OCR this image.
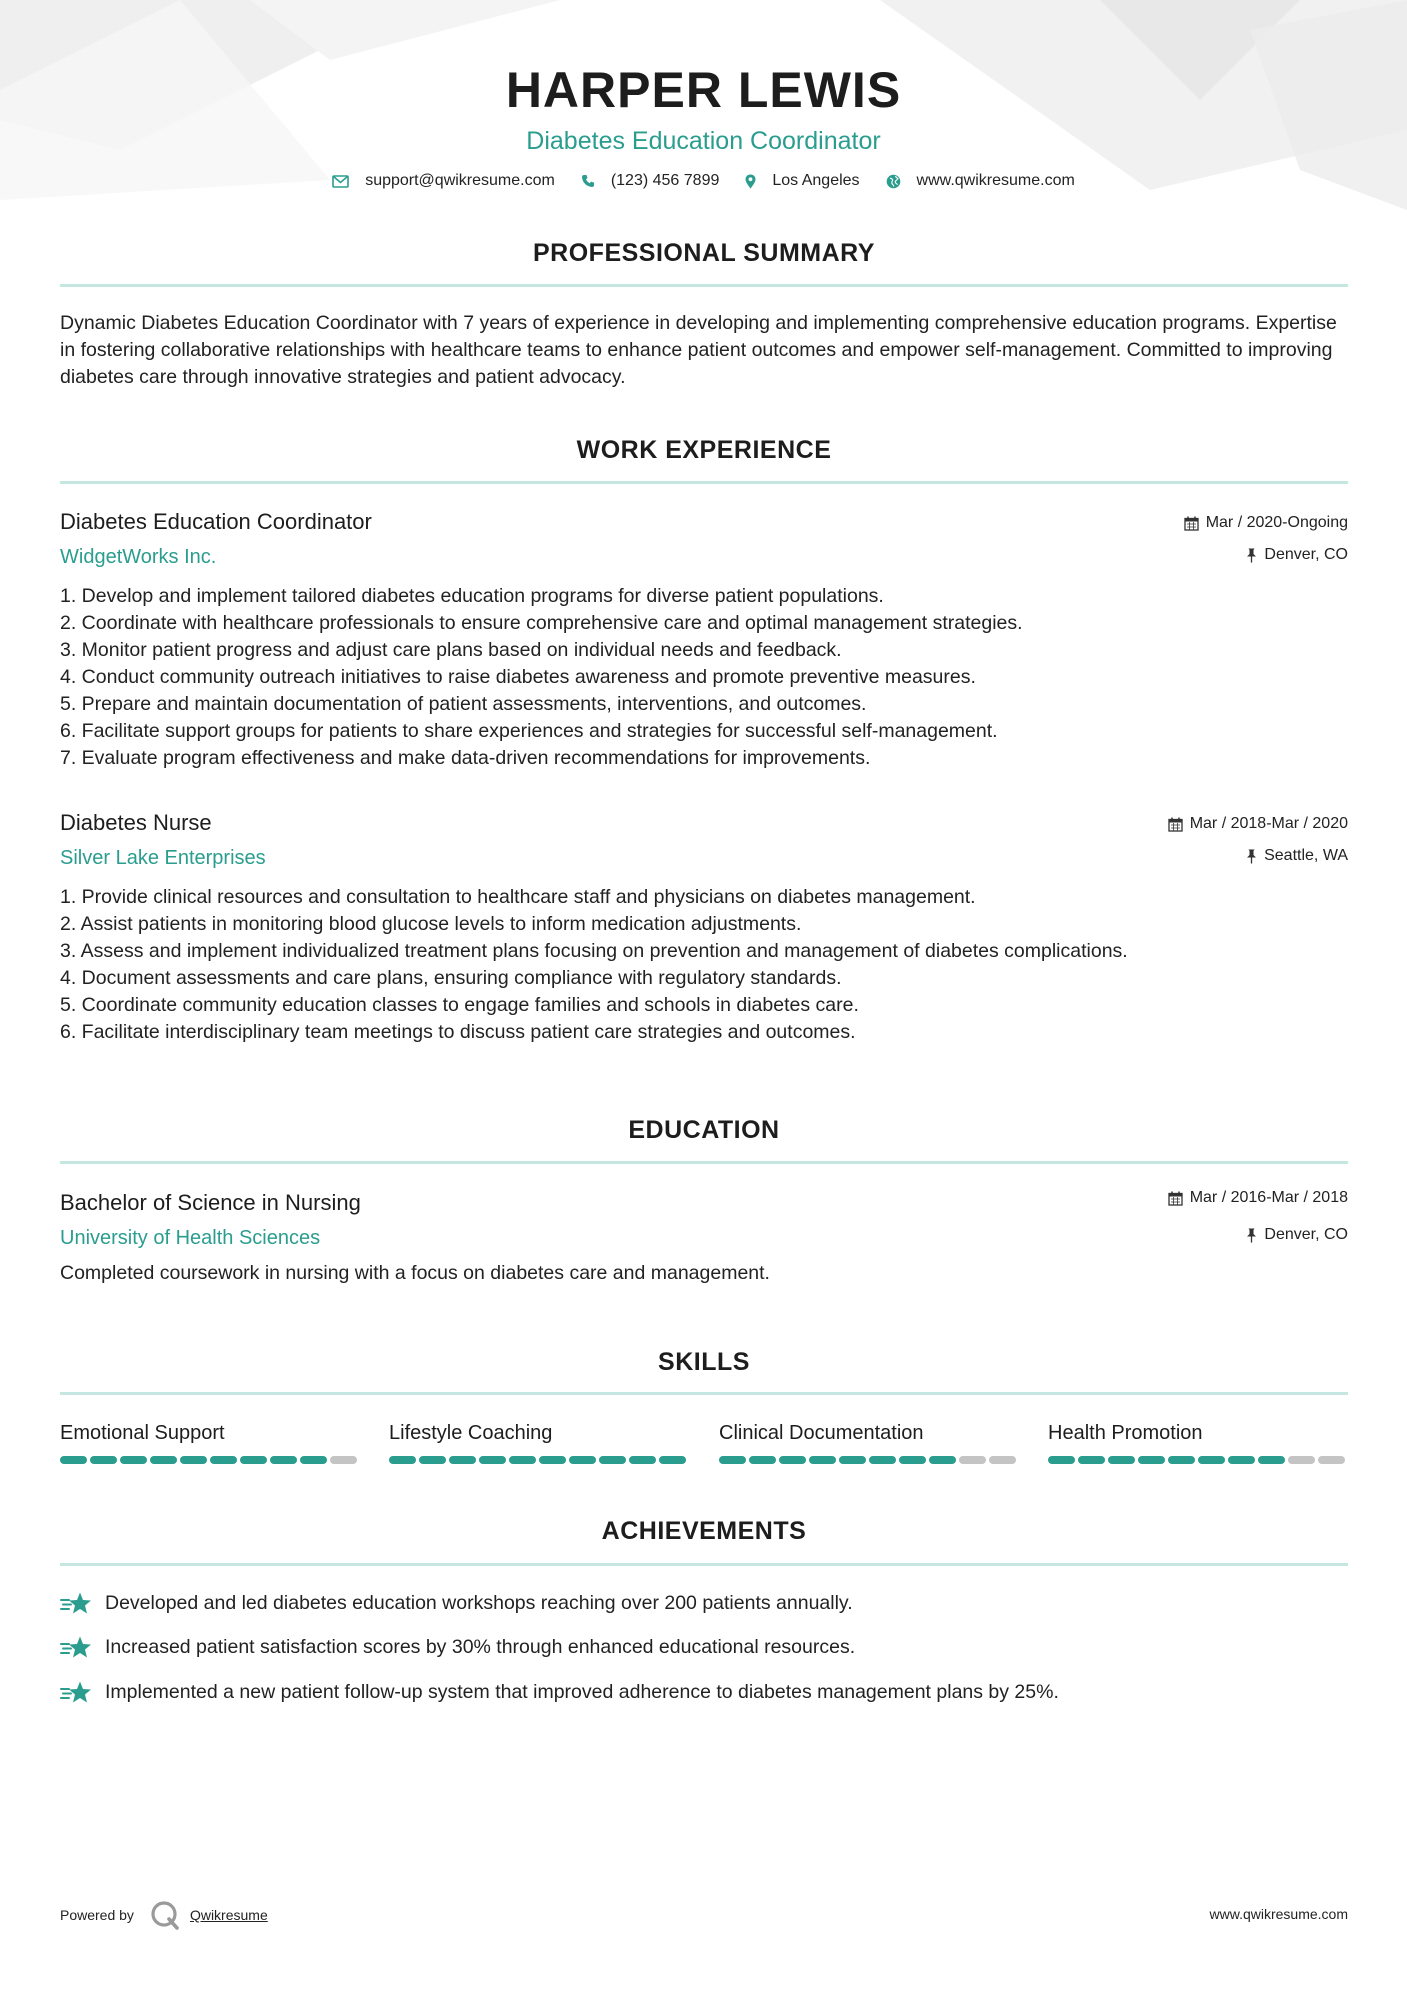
HARPER LEWIS
Diabetes Education Coordinator
support@qwikresume.com	(123) 456 7899	Los Angeles	www.qwikresume.com
PROFESSIONAL SUMMARY
Dynamic Diabetes Education Coordinator with 7 years of experience in developing and implementing comprehensive education programs. Expertise in fostering collaborative relationships with healthcare teams to enhance patient outcomes and empower self-management. Committed to improving diabetes care through innovative strategies and patient advocacy.
WORK EXPERIENCE
Diabetes Education Coordinator
WidgetWorks Inc.
Mar / 2020-Ongoing
Denver, CO
1. Develop and implement tailored diabetes education programs for diverse patient populations.
2. Coordinate with healthcare professionals to ensure comprehensive care and optimal management strategies.
3. Monitor patient progress and adjust care plans based on individual needs and feedback.
4. Conduct community outreach initiatives to raise diabetes awareness and promote preventive measures.
5. Prepare and maintain documentation of patient assessments, interventions, and outcomes.
6. Facilitate support groups for patients to share experiences and strategies for successful self-management.
7. Evaluate program effectiveness and make data-driven recommendations for improvements.
Diabetes Nurse
Silver Lake Enterprises
Mar / 2018-Mar / 2020
Seattle, WA
1. Provide clinical resources and consultation to healthcare staff and physicians on diabetes management.
2. Assist patients in monitoring blood glucose levels to inform medication adjustments.
3. Assess and implement individualized treatment plans focusing on prevention and management of diabetes complications.
4. Document assessments and care plans, ensuring compliance with regulatory standards.
5. Coordinate community education classes to engage families and schools in diabetes care.
6. Facilitate interdisciplinary team meetings to discuss patient care strategies and outcomes.
EDUCATION
Bachelor of Science in Nursing
University of Health Sciences
Mar / 2016-Mar / 2018
Denver, CO
Completed coursework in nursing with a focus on diabetes care and management.
SKILLS
Emotional Support	Lifestyle Coaching	Clinical Documentation	Health Promotion
ACHIEVEMENTS
Developed and led diabetes education workshops reaching over 200 patients annually.
Increased patient satisfaction scores by 30% through enhanced educational resources.
Implemented a new patient follow-up system that improved adherence to diabetes management plans by 25%.
Powered by	Qwikresume	www.qwikresume.com
